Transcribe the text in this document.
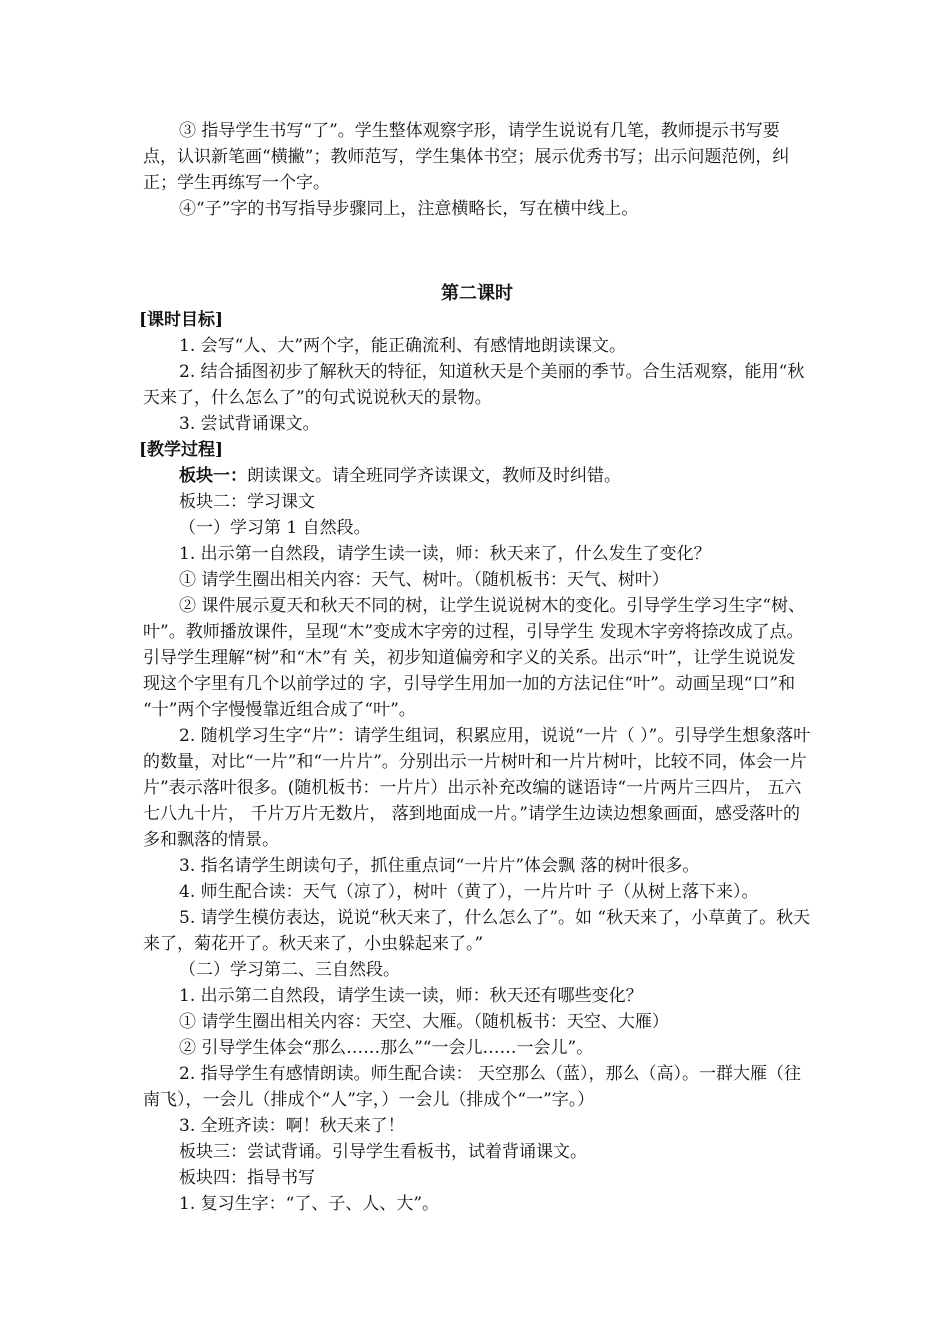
③ 指导学生书写“了”。学生整体观察字形，请学生说说有几笔，教师提示书写要点，认识新笔画“横撇”；教师范写，学生集体书空；展示优秀书写；出示问题范例，纠正；学生再练写一个字。

④“子”字的书写指导步骤同上，注意横略长，写在横中线上。

第二课时

[课时目标]

1. 会写“人、大”两个字，能正确流利、有感情地朗读课文。

2. 结合插图初步了解秋天的特征，知道秋天是个美丽的季节。合生活观察，能用“秋天来了，什么怎么了”的句式说说秋天的景物。

3. 尝试背诵课文。

[教学过程]

板块一：朗读课文。请全班同学齐读课文，教师及时纠错。

板块二：学习课文

（一）学习第 1 自然段。

1. 出示第一自然段，请学生读一读，师：秋天来了，什么发生了变化？

① 请学生圈出相关内容：天气、树叶。（随机板书：天气、树叶）

② 课件展示夏天和秋天不同的树，让学生说说树木的变化。引导学生学习生字“树、叶”。教师播放课件，呈现“木”变成木字旁的过程，引导学生 发现木字旁将捺改成了点。引导学生理解“树”和“木”有 关，初步知道偏旁和字义的关系。出示“叶”，让学生说说发现这个字里有几个以前学过的 字，引导学生用加一加的方法记住“叶”。动画呈现“口”和 “十”两个字慢慢靠近组合成了“叶”。

2. 随机学习生字“片”：请学生组词，积累应用，说说“一片（ ）”。引导学生想象落叶的数量，对比“一片”和“一片片”。分别出示一片树叶和一片片树叶，比较不同，体会一片片”表示落叶很多。(随机板书：一片片）出示补充改编的谜语诗“一片两片三四片， 五六七八九十片， 千片万片无数片， 落到地面成一片。”请学生边读边想象画面，感受落叶的多和飘落的情景。

3. 指名请学生朗读句子，抓住重点词“一片片”体会飘 落的树叶很多。

4. 师生配合读：天气（凉了），树叶（黄了），一片片叶 子（从树上落下来）。

5. 请学生模仿表达，说说“秋天来了，什么怎么了”。如 “秋天来了，小草黄了。秋天来了，菊花开了。秋天来了，小虫躲起来了。”

（二）学习第二、三自然段。

1. 出示第二自然段，请学生读一读，师：秋天还有哪些变化？

① 请学生圈出相关内容：天空、大雁。（随机板书：天空、大雁）

② 引导学生体会“那么……那么”“一会儿……一会儿”。

2. 指导学生有感情朗读。师生配合读： 天空那么（蓝），那么（高）。一群大雁（往南飞），一会儿（排成个“人”字，）一会儿（排成个“一”字。）

3. 全班齐读：啊！秋天来了！

板块三：尝试背诵。引导学生看板书，试着背诵课文。

板块四：指导书写

1. 复习生字：“了、子、人、大”。
